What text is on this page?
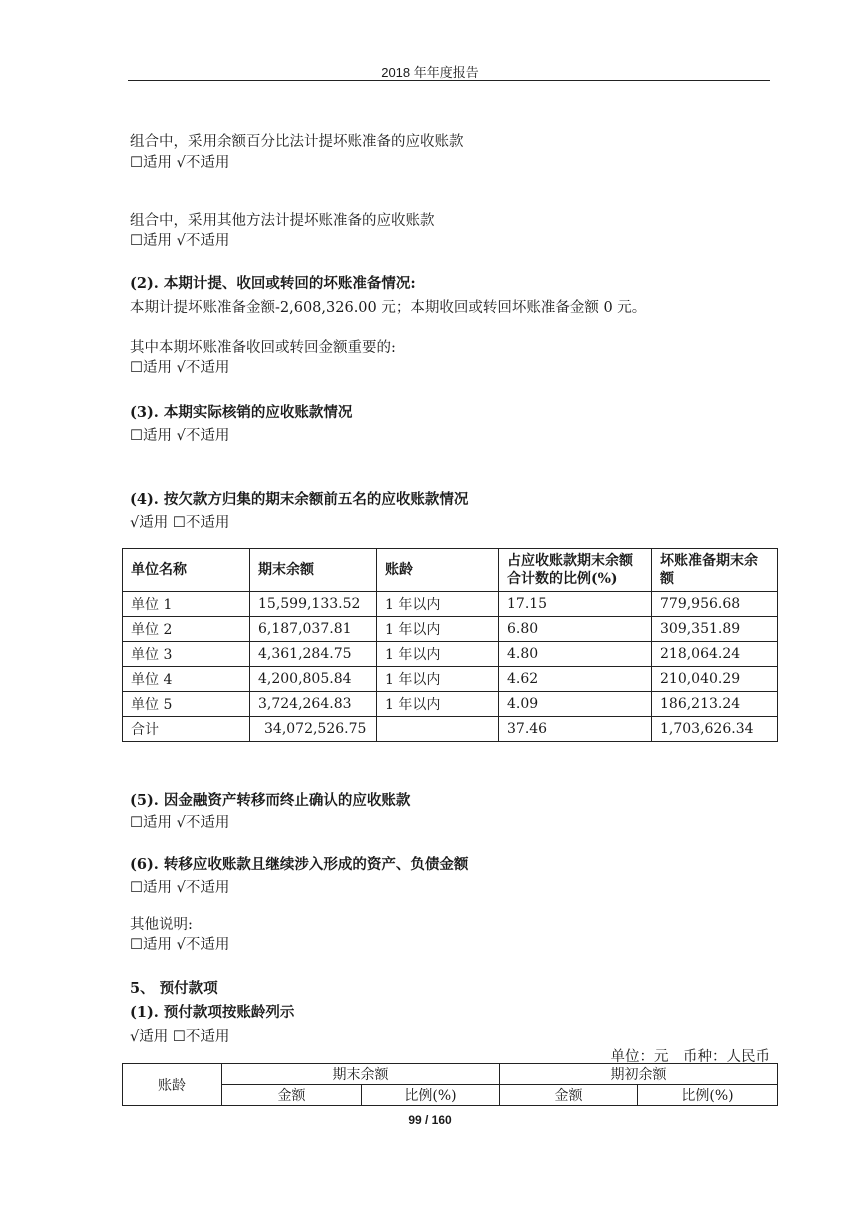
2018 年年度报告
组合中，采用余额百分比法计提坏账准备的应收账款
☐适用 √不适用
组合中，采用其他方法计提坏账准备的应收账款
☐适用 √不适用
(2). 本期计提、收回或转回的坏账准备情况:
本期计提坏账准备金额-2,608,326.00 元；本期收回或转回坏账准备金额 0 元。
其中本期坏账准备收回或转回金额重要的:
☐适用 √不适用
(3). 本期实际核销的应收账款情况
☐适用 √不适用
(4). 按欠款方归集的期末余额前五名的应收账款情况
√适用 ☐不适用
单位名称	期末余额	账龄	占应收账款期末余额合计数的比例(%)	坏账准备期末余额
单位 1	15,599,133.52	1 年以内	17.15	779,956.68
单位 2	6,187,037.81	1 年以内	6.80	309,351.89
单位 3	4,361,284.75	1 年以内	4.80	218,064.24
单位 4	4,200,805.84	1 年以内	4.62	210,040.29
单位 5	3,724,264.83	1 年以内	4.09	186,213.24
合计	34,072,526.75		37.46	1,703,626.34
(5). 因金融资产转移而终止确认的应收账款
☐适用 √不适用
(6). 转移应收账款且继续涉入形成的资产、负债金额
☐适用 √不适用
其他说明:
☐适用 √不适用
5、 预付款项
(1). 预付款项按账龄列示
√适用 ☐不适用
单位：元　币种：人民币
账龄	期末余额		期初余额	
	金额	比例(%)	金额	比例(%)
99 / 160
